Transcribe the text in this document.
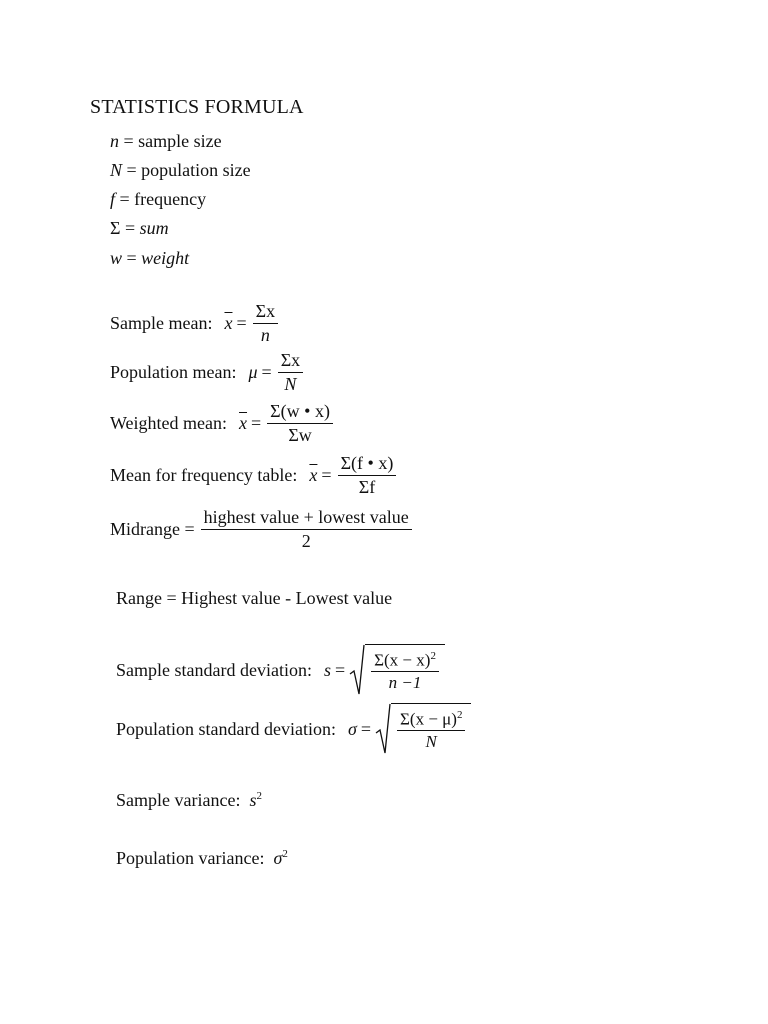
STATISTICS FORMULA
n = sample size
N = population size
f = frequency
Σ = sum
w = weight
Sample mean: $\overline{x} = \frac{\Sigma x}{n}$
Population mean: $\mu = \frac{\Sigma x}{N}$
Weighted mean: $\overline{x} = \frac{\Sigma(w • x)}{\Sigma w}$
Mean for frequency table: $\overline{x} = \frac{\Sigma(f • x)}{\Sigma f}$
Midrange = $\frac{\text{highest value + lowest value}}{2}$
Range = Highest value - Lowest value
Sample standard deviation: $s = \frac{\Sigma(x - x)^2}{n -1}$
Population standard deviation: $\sigma = \frac{\Sigma(x - \mu)^2}{N}$
Sample variance: $s^2$
Population variance: $\sigma^2$
